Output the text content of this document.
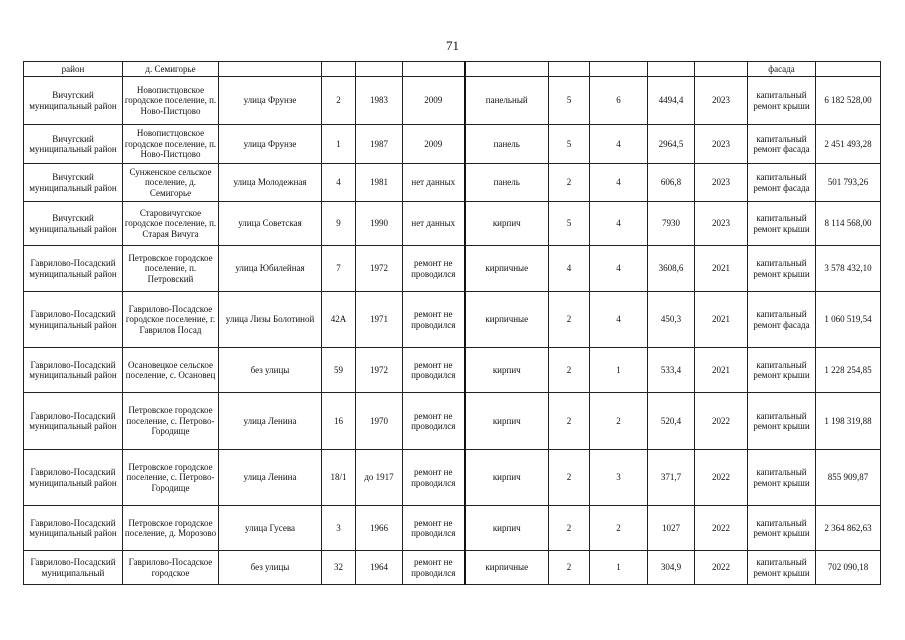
71
район	д. Семигорье										фасада	
Вичугский муниципальный район	Новопистцовское городское поселение, п. Ново-Пистцово	улица Фрунзе	2	1983	2009	панельный	5	6	4494,4	2023	капитальный ремонт крыши	6 182 528,00
Вичугский муниципальный район	Новопистцовское городское поселение, п. Ново-Пистцово	улица Фрунзе	1	1987	2009	панель	5	4	2964,5	2023	капитальный ремонт фасада	2 451 493,28
Вичугский муниципальный район	Сунженское сельское поселение, д. Семигорье	улица Молодежная	4	1981	нет данных	панель	2	4	606,8	2023	капитальный ремонт фасада	501 793,26
Вичугский муниципальный район	Старовичугское городское поселение, п. Старая Вичуга	улица Советская	9	1990	нет данных	кирпич	5	4	7930	2023	капитальный ремонт крыши	8 114 568,00
Гаврилово-Посадский муниципальный район	Петровское городское поселение, п. Петровский	улица Юбилейная	7	1972	ремонт не проводился	кирпичные	4	4	3608,6	2021	капитальный ремонт крыши	3 578 432,10
Гаврилово-Посадский муниципальный район	Гаврилово-Посадское городское поселение, г. Гаврилов Посад	улица Лизы Болотиной	42А	1971	ремонт не проводился	кирпичные	2	4	450,3	2021	капитальный ремонт фасада	1 060 519,54
Гаврилово-Посадский муниципальный район	Осановецкое сельское поселение, с. Осановец	без улицы	59	1972	ремонт не проводился	кирпич	2	1	533,4	2021	капитальный ремонт крыши	1 228 254,85
Гаврилово-Посадский муниципальный район	Петровское городское поселение, с. Петрово-Городище	улица Ленина	16	1970	ремонт не проводился	кирпич	2	2	520,4	2022	капитальный ремонт крыши	1 198 319,88
Гаврилово-Посадский муниципальный район	Петровское городское поселение, с. Петрово-Городище	улица Ленина	18/1	до 1917	ремонт не проводился	кирпич	2	3	371,7	2022	капитальный ремонт крыши	855 909,87
Гаврилово-Посадский муниципальный район	Петровское городское поселение, д. Морозово	улица Гусева	3	1966	ремонт не проводился	кирпич	2	2	1027	2022	капитальный ремонт крыши	2 364 862,63
Гаврилово-Посадский муниципальный	Гаврилово-Посадское городское	без улицы	32	1964	ремонт не проводился	кирпичные	2	1	304,9	2022	капитальный ремонт крыши	702 090,18
